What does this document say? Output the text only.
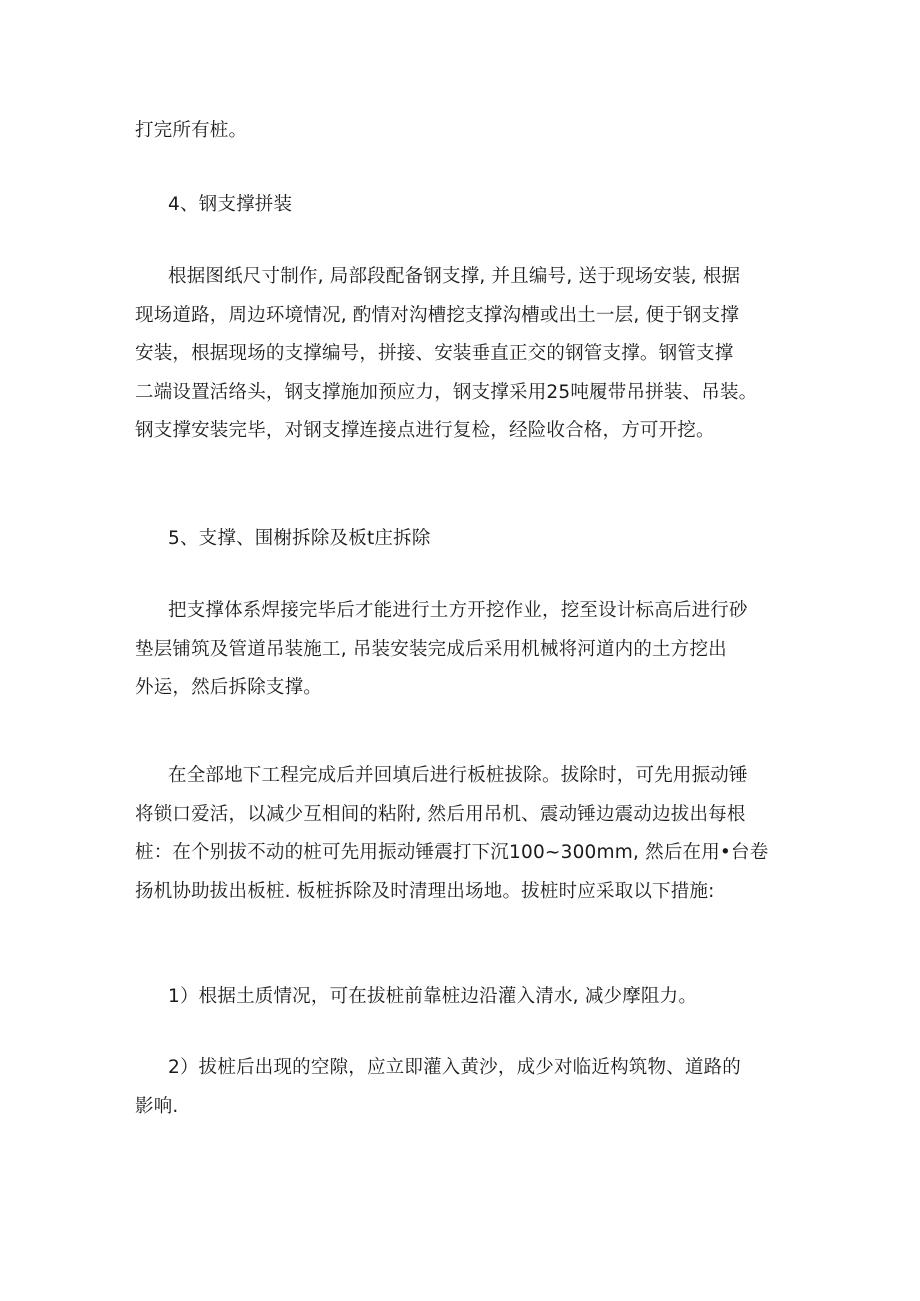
打完所有桩。

4、钢支撑拼装

根据图纸尺寸制作, 局部段配备钢支撑, 并且编号, 送于现场安装, 根据
现场道路，周边环境情况, 酌情对沟槽挖支撑沟槽或出土一层, 便于钢支撑
安装，根据现场的支撑编号，拼接、安装垂直正交的钢管支撑。钢管支撑
二端设置活络头，钢支撑施加预应力，钢支撑采用25吨履带吊拼装、吊装。
钢支撑安装完毕，对钢支撑连接点进行复检，经险收合格，方可开挖。

5、支撑、围榭拆除及板t庄拆除

把支撑体系焊接完毕后才能进行土方开挖作业，挖至设计标高后进行砂
垫层铺筑及管道吊装施工, 吊装安装完成后采用机械将河道内的土方挖出
外运，然后拆除支撑。

在全部地下工程完成后并回填后进行板桩拔除。拔除时，可先用振动锤
将锁口爱活，以减少互相间的粘附, 然后用吊机、震动锤边震动边拔出每根
桩：在个别拔不动的桩可先用振动锤震打下沉100~300mm, 然后在用•台卷
扬机协助拔出板桩. 板桩拆除及时清理出场地。拔桩时应采取以下措施:

1）根据土质情况，可在拔桩前靠桩边沿灌入清水, 减少摩阻力。

2）拔桩后出现的空隙，应立即灌入黄沙，成少对临近构筑物、道路的
影响.
